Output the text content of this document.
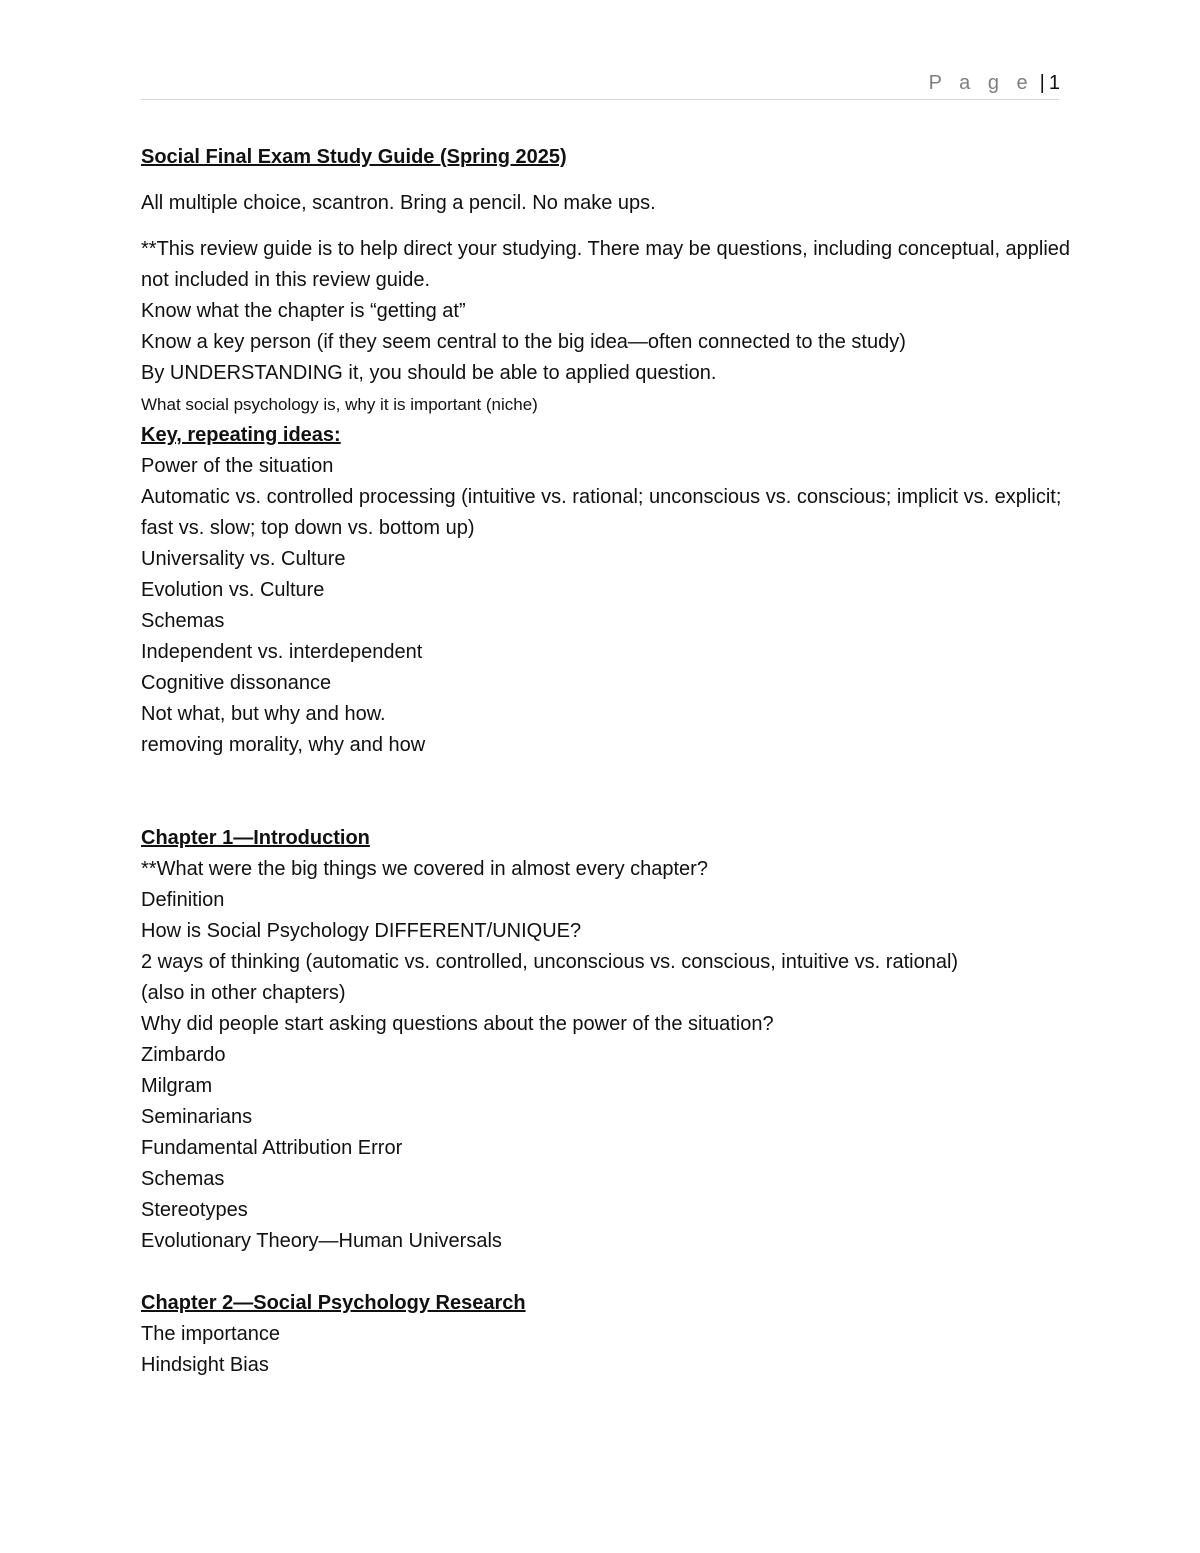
P a g e | 1

Social Final Exam Study Guide (Spring 2025)

All multiple choice, scantron. Bring a pencil. No make ups.

**This review guide is to help direct your studying. There may be questions, including conceptual, applied not included in this review guide.

Know what the chapter is “getting at”

Know a key person (if they seem central to the big idea—often connected to the study)

By UNDERSTANDING it, you should be able to applied question.

What social psychology is, why it is important (niche)

Key, repeating ideas:

Power of the situation

Automatic vs. controlled processing (intuitive vs. rational; unconscious vs. conscious; implicit vs. explicit; fast vs. slow; top down vs. bottom up)

Universality vs. Culture

Evolution vs. Culture

Schemas

Independent vs. interdependent

Cognitive dissonance

Not what, but why and how.

removing morality, why and how

Chapter 1—Introduction

**What were the big things we covered in almost every chapter?

Definition

How is Social Psychology DIFFERENT/UNIQUE?

2 ways of thinking (automatic vs. controlled, unconscious vs. conscious, intuitive vs. rational)

(also in other chapters)

Why did people start asking questions about the power of the situation?

Zimbardo

Milgram

Seminarians

Fundamental Attribution Error

Schemas

Stereotypes

Evolutionary Theory—Human Universals

Chapter 2—Social Psychology Research

The importance

Hindsight Bias
